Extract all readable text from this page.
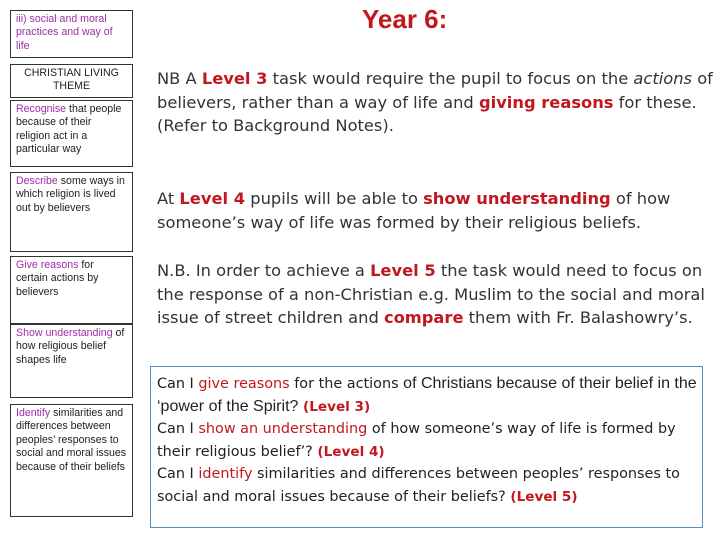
iii) social and moral practices and way of life
CHRISTIAN LIVING THEME
Recognise that people because of their religion act in a particular way
Describe some ways in which religion is lived out by believers
Give reasons for certain actions by believers
Show understanding of how religious belief shapes life
Identify similarities and differences between peoples’ responses to social and moral issues because of their beliefs
Year 6:
NB A Level 3 task would require the pupil to focus on the actions of believers, rather than a way of life and giving reasons for these.
(Refer to Background Notes).
At Level 4 pupils will be able to show understanding of how someone’s way of life was formed by their religious beliefs.
N.B. In order to achieve a Level 5 the task would need to focus on the response of a non-Christian e.g. Muslim to the social and moral issue of street children and compare them with Fr. Balashowry’s.
Can I give reasons for the actions of Christians because of their belief in the ‘power of the Spirit? (Level 3)
Can I show an understanding of how someone’s way of life is formed by their religious belief’? (Level 4)
Can I identify similarities and differences between peoples’ responses to social and moral issues because of their beliefs? (Level 5)
